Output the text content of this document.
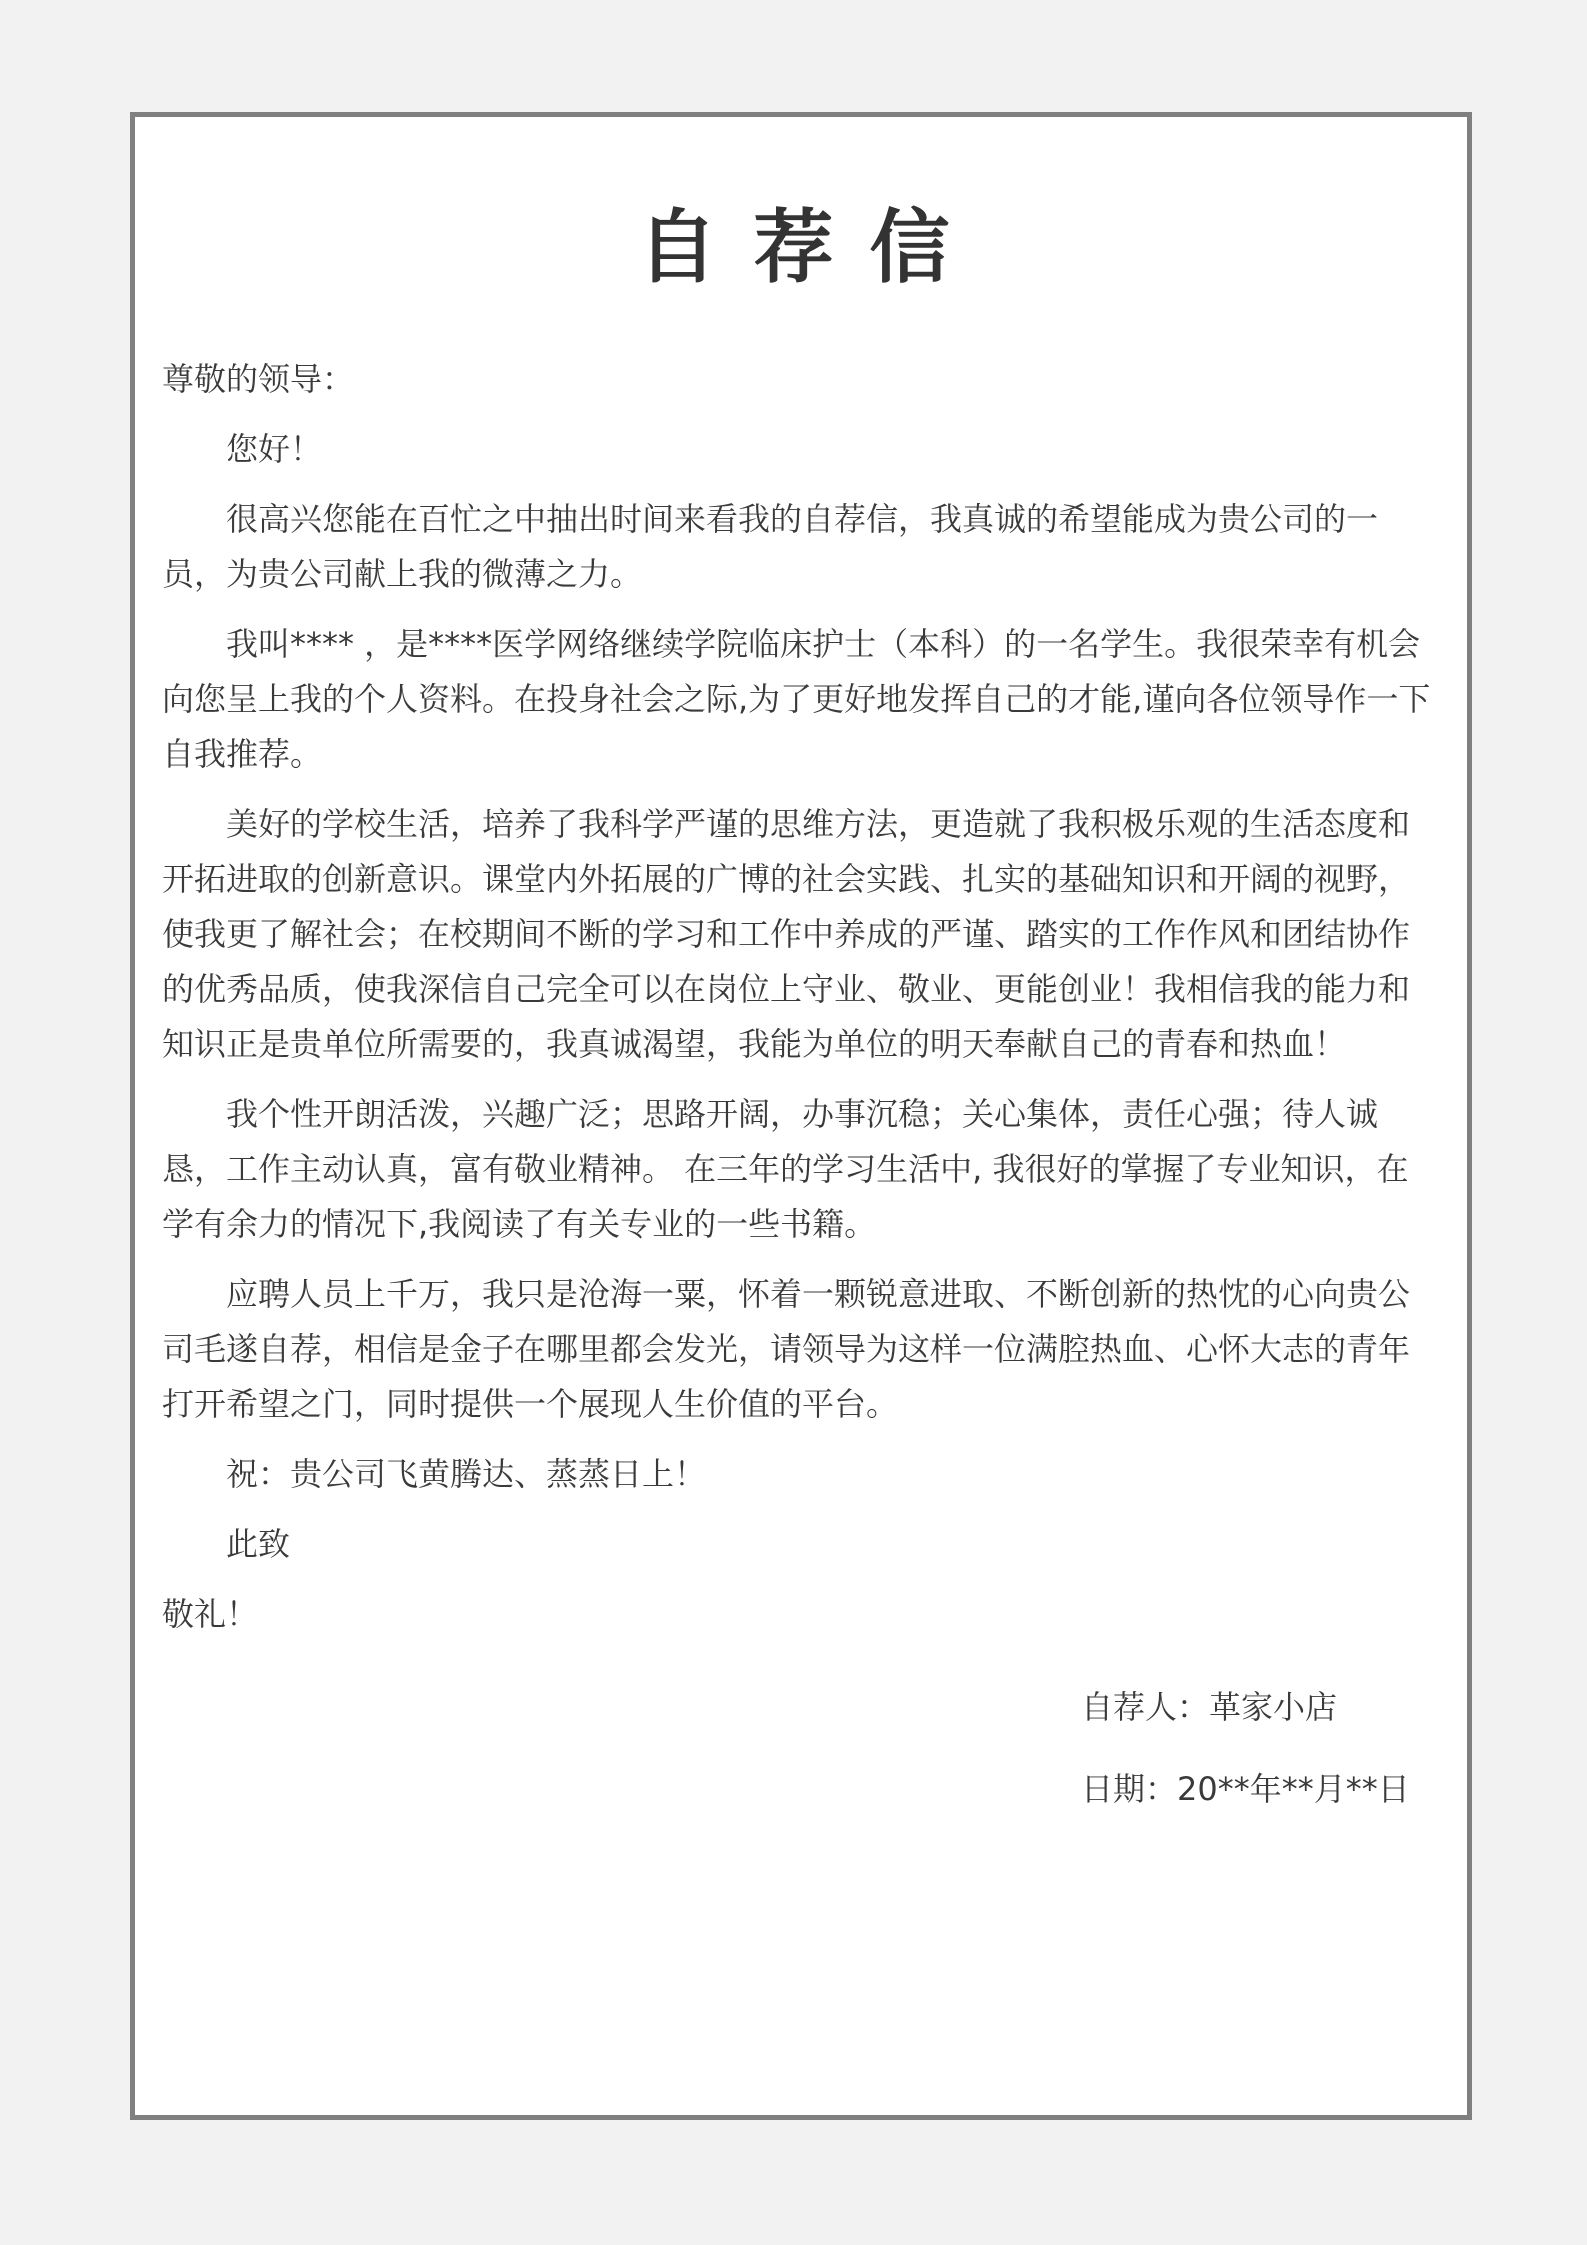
自荐信

尊敬的领导：

您好！

很高兴您能在百忙之中抽出时间来看我的自荐信，我真诚的希望能成为贵公司的一员，为贵公司献上我的微薄之力。

我叫**** ，是****医学网络继续学院临床护士（本科）的一名学生。我很荣幸有机会向您呈上我的个人资料。在投身社会之际,为了更好地发挥自己的才能,谨向各位领导作一下自我推荐。

美好的学校生活，培养了我科学严谨的思维方法，更造就了我积极乐观的生活态度和开拓进取的创新意识。课堂内外拓展的广博的社会实践、扎实的基础知识和开阔的视野，使我更了解社会；在校期间不断的学习和工作中养成的严谨、踏实的工作作风和团结协作的优秀品质，使我深信自己完全可以在岗位上守业、敬业、更能创业！我相信我的能力和知识正是贵单位所需要的，我真诚渴望，我能为单位的明天奉献自己的青春和热血！

我个性开朗活泼，兴趣广泛；思路开阔，办事沉稳；关心集体，责任心强；待人诚恳，工作主动认真，富有敬业精神。 在三年的学习生活中, 我很好的掌握了专业知识，在学有余力的情况下,我阅读了有关专业的一些书籍。

应聘人员上千万，我只是沧海一粟，怀着一颗锐意进取、不断创新的热忱的心向贵公司毛遂自荐，相信是金子在哪里都会发光，请领导为这样一位满腔热血、心怀大志的青年打开希望之门，同时提供一个展现人生价值的平台。

祝：贵公司飞黄腾达、蒸蒸日上！

此致

敬礼！

自荐人：革家小店
日期：20**年**月**日
